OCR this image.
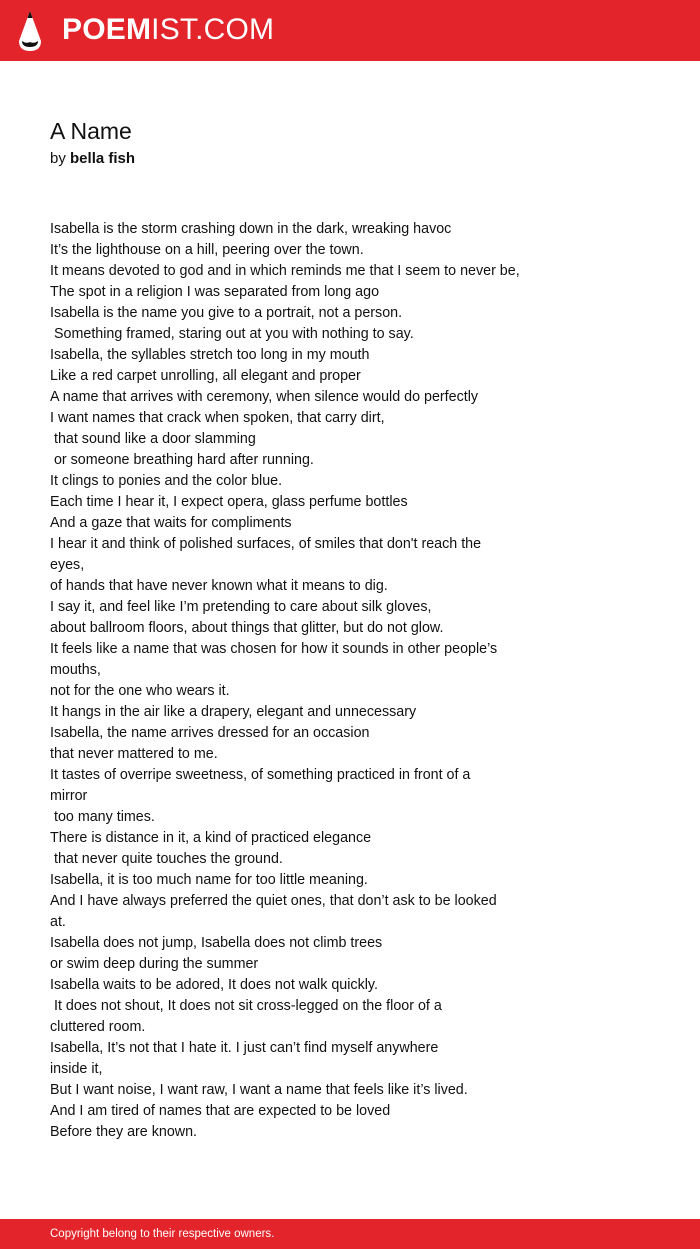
POEMIST.COM
A Name
by bella fish
Isabella is the storm crashing down in the dark, wreaking havoc
It’s the lighthouse on a hill, peering over the town.
It means devoted to god and in which reminds me that I seem to never be,
The spot in a religion I was separated from long ago
Isabella is the name you give to a portrait, not a person.
Something framed, staring out at you with nothing to say.
Isabella, the syllables stretch too long in my mouth
Like a red carpet unrolling, all elegant and proper
A name that arrives with ceremony, when silence would do perfectly
I want names that crack when spoken, that carry dirt,
that sound like a door slamming
or someone breathing hard after running.
It clings to ponies and the color blue.
Each time I hear it, I expect opera, glass perfume bottles
And a gaze that waits for compliments
I hear it and think of polished surfaces, of smiles that don't reach the
eyes,
of hands that have never known what it means to dig.
I say it, and feel like I’m pretending to care about silk gloves,
about ballroom floors, about things that glitter, but do not glow.
It feels like a name that was chosen for how it sounds in other people’s
mouths,
not for the one who wears it.
It hangs in the air like a drapery, elegant and unnecessary
Isabella, the name arrives dressed for an occasion
that never mattered to me.
It tastes of overripe sweetness, of something practiced in front of a
mirror
too many times.
There is distance in it, a kind of practiced elegance
that never quite touches the ground.
Isabella, it is too much name for too little meaning.
And I have always preferred the quiet ones, that don’t ask to be looked
at.
Isabella does not jump, Isabella does not climb trees
or swim deep during the summer
Isabella waits to be adored, It does not walk quickly.
It does not shout, It does not sit cross-legged on the floor of a
cluttered room.
Isabella, It’s not that I hate it. I just can’t find myself anywhere
inside it,
But I want noise, I want raw, I want a name that feels like it’s lived.
And I am tired of names that are expected to be loved
Before they are known.
Copyright belong to their respective owners.
